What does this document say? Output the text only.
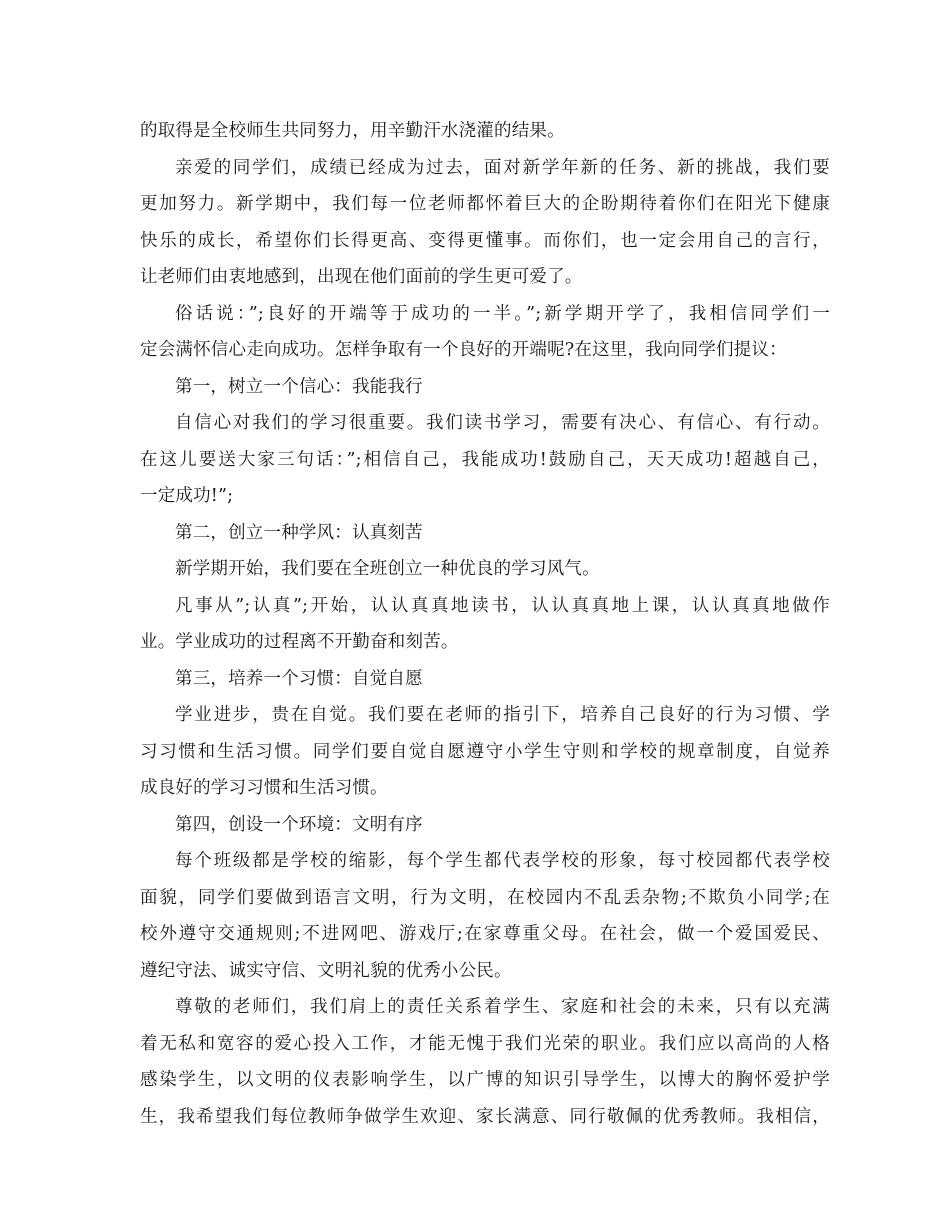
的取得是全校师生共同努力，用辛勤汗水浇灌的结果。
亲爱的同学们，成绩已经成为过去，面对新学年新的任务、新的挑战，我们要
更加努力。新学期中，我们每一位老师都怀着巨大的企盼期待着你们在阳光下健康
快乐的成长，希望你们长得更高、变得更懂事。而你们，也一定会用自己的言行，
让老师们由衷地感到，出现在他们面前的学生更可爱了。
俗话说：”;良好的开端等于成功的一半。”;新学期开学了，我相信同学们一
定会满怀信心走向成功。怎样争取有一个良好的开端呢?在这里，我向同学们提议：
第一，树立一个信心：我能我行
自信心对我们的学习很重要。我们读书学习，需要有决心、有信心、有行动。
在这儿要送大家三句话：”;相信自己，我能成功!鼓励自己，天天成功!超越自己，
一定成功!”;
第二，创立一种学风：认真刻苦
新学期开始，我们要在全班创立一种优良的学习风气。
凡事从”;认真”;开始，认认真真地读书，认认真真地上课，认认真真地做作
业。学业成功的过程离不开勤奋和刻苦。
第三，培养一个习惯：自觉自愿
学业进步，贵在自觉。我们要在老师的指引下，培养自己良好的行为习惯、学
习习惯和生活习惯。同学们要自觉自愿遵守小学生守则和学校的规章制度，自觉养
成良好的学习习惯和生活习惯。
第四，创设一个环境：文明有序
每个班级都是学校的缩影，每个学生都代表学校的形象，每寸校园都代表学校
面貌，同学们要做到语言文明，行为文明，在校园内不乱丢杂物;不欺负小同学;在
校外遵守交通规则;不进网吧、游戏厅;在家尊重父母。在社会，做一个爱国爱民、
遵纪守法、诚实守信、文明礼貌的优秀小公民。
尊敬的老师们，我们肩上的责任关系着学生、家庭和社会的未来，只有以充满
着无私和宽容的爱心投入工作，才能无愧于我们光荣的职业。我们应以高尚的人格
感染学生，以文明的仪表影响学生，以广博的知识引导学生，以博大的胸怀爱护学
生，我希望我们每位教师争做学生欢迎、家长满意、同行敬佩的优秀教师。我相信，
